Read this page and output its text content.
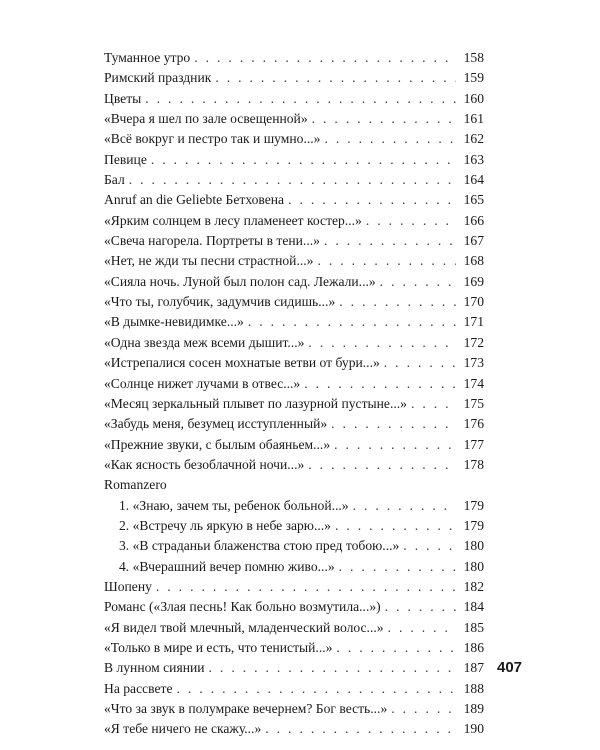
Туманное утро . . .	158
Римский праздник . . .	159
Цветы . . .	160
«Вчера я шел по зале освещенной» . . .	161
«Всё вокруг и пестро так и шумно...» . . .	162
Певице . . .	163
Бал . . .	164
Anruf an die Geliebte Бетховена . . .	165
«Ярким солнцем в лесу пламенеет костер...» . . .	166
«Свеча нагорела. Портреты в тени...» . . .	167
«Нет, не жди ты песни страстной...» . . .	168
«Сияла ночь. Луной был полон сад. Лежали...» . . .	169
«Что ты, голубчик, задумчив сидишь...» . . .	170
«В дымке-невидимке...» . . .	171
«Одна звезда меж всеми дышит...» . . .	172
«Истрепалися сосен мохнатые ветви от бури...» . . .	173
«Солнце нижет лучами в отвес...» . . .	174
«Месяц зеркальный плывет по лазурной пустыне...» . . .	175
«Забудь меня, безумец исступленный» . . .	176
«Прежние звуки, с былым обаяньем...» . . .	177
«Как ясность безоблачной ночи...» . . .	178
Romanzero
1. «Знаю, зачем ты, ребенок больной...» . . .	179
2. «Встречу ль яркую в небе зарю...» . . .	179
3. «В страданьи блаженства стою пред тобою...» . . .	180
4. «Вчерашний вечер помню живо...» . . .	180
Шопену . . .	182
Романс («Злая песнь! Как больно возмутила...») . . .	184
«Я видел твой млечный, младенческий волос...» . . .	185
«Только в мире и есть, что тенистый...» . . .	186
В лунном сиянии . . .	187
На рассвете . . .	188
«Что за звук в полумраке вечернем? Бог весть...» . . .	189
«Я тебе ничего не скажу...» . . .	190
407
